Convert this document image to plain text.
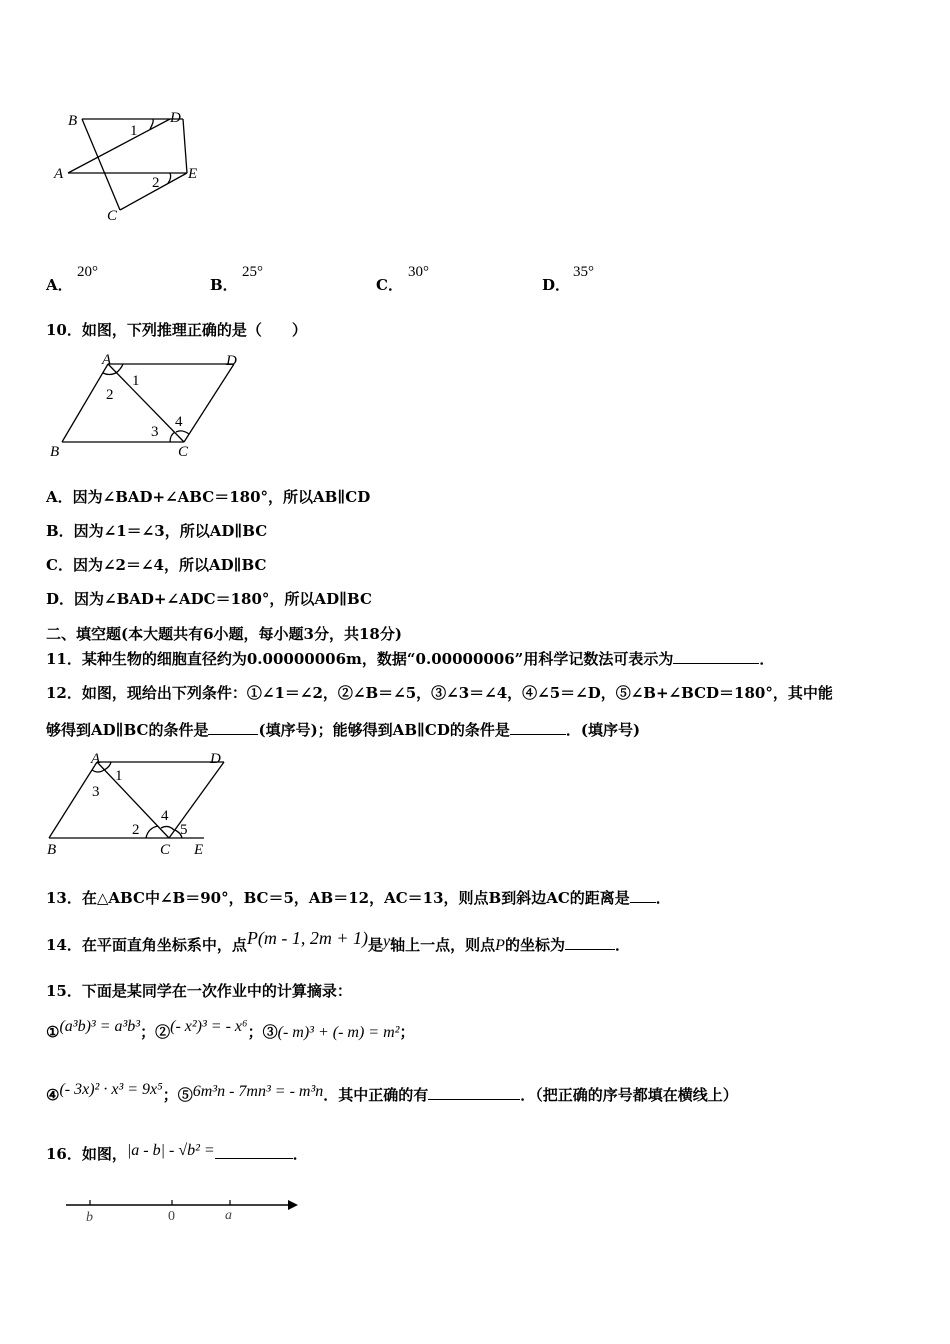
B	D
A	E
C
1
2
A．
20°
B．
25°
C．
30°
D．
35°
10．如图，下列推理正确的是（　　）
A	D
B	C
1
2
3
4
A．因为∠BAD+∠ABC＝180°，所以AB∥CD
B．因为∠1＝∠3，所以AD∥BC
C．因为∠2＝∠4，所以AD∥BC
D．因为∠BAD+∠ADC＝180°，所以AD∥BC
二、填空题(本大题共有6小题，每小题3分，共18分)
11．某种生物的细胞直径约为0.00000006m，数据“0.00000006”用科学记数法可表示为	．
12．如图，现给出下列条件：①∠1＝∠2，②∠B＝∠5，③∠3＝∠4，④∠5＝∠D，⑤∠B+∠BCD＝180°，其中能
够得到AD∥BC的条件是	(填序号)；能够得到AB∥CD的条件是	．(填序号)
A	D
B	C E
1
3
2
4
5
13．在△ABC中∠B＝90°，BC＝5，AB＝12，AC＝13，则点B到斜边AC的距离是 ．
14．在平面直角坐标系中，点P(m - 1, 2m + 1)是y轴上一点，则点P的坐标为	．
15．下面是某同学在一次作业中的计算摘录：
①(a³b)³ = a³b³；②(- x²)³ = - x⁶；③(- m)³ + (- m) = m²；
④(- 3x)² · x³ = 9x⁵；⑤6m³n - 7mn³ = - m³n．其中正确的有	．（把正确的序号都填在横线上）
16．如图，|a - b| - √b² =	．
b	0	a
